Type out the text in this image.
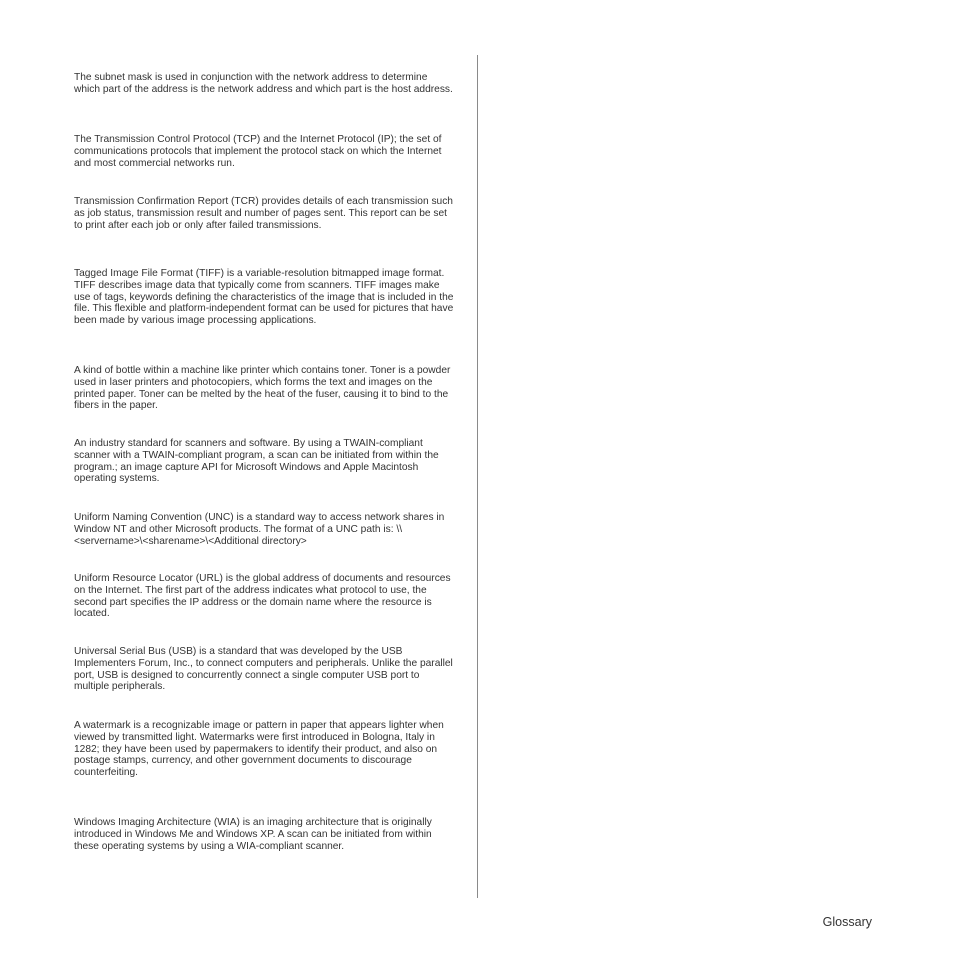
The subnet mask is used in conjunction with the network address to determine which part of the address is the network address and which part is the host address.

The Transmission Control Protocol (TCP) and the Internet Protocol (IP); the set of communications protocols that implement the protocol stack on which the Internet and most commercial networks run.

Transmission Confirmation Report (TCR) provides details of each transmission such as job status, transmission result and number of pages sent. This report can be set to print after each job or only after failed transmissions.

Tagged Image File Format (TIFF) is a variable-resolution bitmapped image format. TIFF describes image data that typically come from scanners. TIFF images make use of tags, keywords defining the characteristics of the image that is included in the file. This flexible and platform-independent format can be used for pictures that have been made by various image processing applications.

A kind of bottle within a machine like printer which contains toner. Toner is a powder used in laser printers and photocopiers, which forms the text and images on the printed paper. Toner can be melted by the heat of the fuser, causing it to bind to the fibers in the paper.

An industry standard for scanners and software. By using a TWAIN-compliant scanner with a TWAIN-compliant program, a scan can be initiated from within the program.; an image capture API for Microsoft Windows and Apple Macintosh operating systems.

Uniform Naming Convention (UNC) is a standard way to access network shares in Window NT and other Microsoft products. The format of a UNC path is: \\<servername>\<sharename>\<Additional directory>

Uniform Resource Locator (URL) is the global address of documents and resources on the Internet. The first part of the address indicates what protocol to use, the second part specifies the IP address or the domain name where the resource is located.

Universal Serial Bus (USB) is a standard that was developed by the USB Implementers Forum, Inc., to connect computers and peripherals. Unlike the parallel port, USB is designed to concurrently connect a single computer USB port to multiple peripherals.

A watermark is a recognizable image or pattern in paper that appears lighter when viewed by transmitted light. Watermarks were first introduced in Bologna, Italy in 1282; they have been used by papermakers to identify their product, and also on postage stamps, currency, and other government documents to discourage counterfeiting.

Windows Imaging Architecture (WIA) is an imaging architecture that is originally introduced in Windows Me and Windows XP. A scan can be initiated from within these operating systems by using a WIA-compliant scanner.

Glossary
